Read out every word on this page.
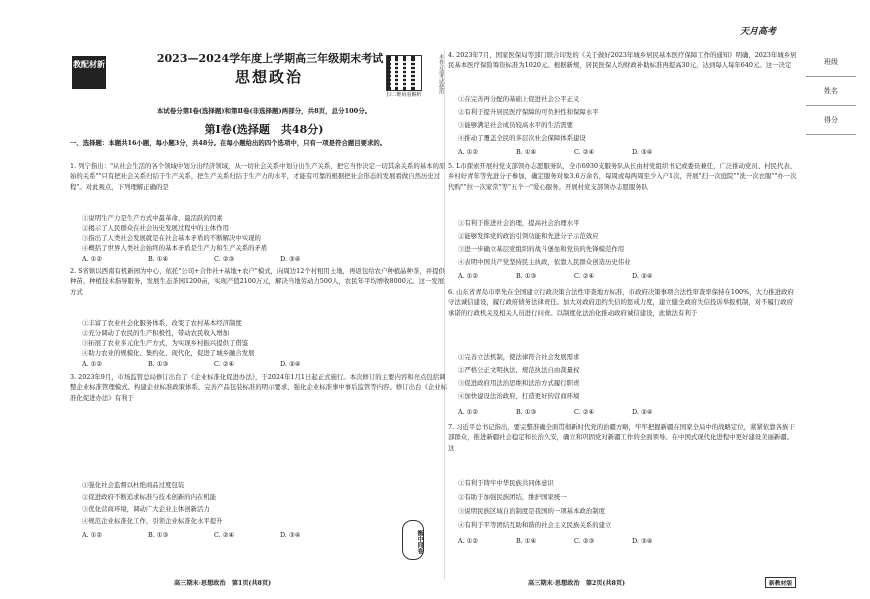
教配材新	2023—2024学年度上学期高三年级期末考试
思想政治
扫二维码看解析
本卷合适考试使用
本试卷分第Ⅰ卷(选择题)和第Ⅱ卷(非选择题)两部分，共8页，总分100分。
第Ⅰ卷(选择题　共48分)
一、选择题：本题共16小题，每小题3分，共48分。在每小题给出的四个选项中，只有一项是符合题目要求的。
1. 列宁指出："从社会生活的各个领域中划分出经济领域，从一切社会关系中划分出生产关系，把它当作决定一切其余关系的基本的原始的关系""只有把社会关系归结于生产关系，把生产关系归结于生产力的水平，才能有可靠的根据把社会形态的发展看做自然历史过程"。对此观点，下列理解正确的是
①说明生产力是生产方式中最革命、最活跃的因素
②揭示了人民群众在社会历史发展过程中的主体作用
③指出了人类社会发展就是在社会基本矛盾的不断解决中实现的
④概括了世界人类社会始终的基本矛盾是生产力和生产关系的矛盾
A. ①②	B. ①④	C. ②③	D. ③④
2. S省镇以西南有机新园为中心，依托"公司+合作社+基地+农户"模式，向周边12个村租用土地，再返包给农户种植晶种茶，并提供种苗、种植技术指导服务，发展生态茶园1200亩，实现产值2100万元，解决当地劳动力500人，农民年平均增收8000元。这一发展方式
①丰富了农业社会化服务体系，改变了农村基本经济制度
②充分调动了农民的生产积极性，带动农民收入增加
③拓展了农业多元化生产方式，为实现乡村振兴提供了借鉴
④助力农业的规模化、集约化、现代化，促进了城乡融合发展
A. ①②	B. ①③	C. ②④	D. ③④
3. 2023年9月，市场监管总局修订出台了《企业标准化促进办法》，于2024年1月1日起正式施行。本次修订的主要内容和亮点包括调整企业标准管理模式、构建企业标准政策体系、完善产品包装标准的明示要求、强化企业标准事中事后监管等内容。修订出台《企业标准化促进办法》有利于
①强化社会监督以杜绝商品过度包装
②促进政府不断追求标准与技术创新的内在机能
③优化营商环境，调动广大企业主体创新活力
④规范企业标准化工作，引领企业标准化水平提升
A. ①②	B. ①③	C. ②④	D. ③④
高三期末·思想政治　第1页(共8页)
衡中同卷
天月高考
4. 2023年7月，国家医保局等部门联合印发的《关于做好2023年城乡居民基本医疗保障工作的通知》明确，2023年城乡居民基本医疗保险筹资标准为1020元。根据新规，居民医保人均财政补助标准再提高30元，达到每人每年640元。这一决定
①在完善再分配的基础上促进社会公平正义
②有利于提升居民医疗保障的可负担性和保障水平
③能够满足社会成员较高水平的生活需要
④推动了覆盖全民的多层次社会保障体系建设
A. ①②	B. ①④	C. ②④	D. ③④
5. L市探索开展村党支部领办志愿服务队，全市6930支服务队从长由村党组织书记或委员兼任，广泛推动党员、村民代表、乡村好青年等先进分子参加，确定服务对象3.6万余名，每周或每两周至少入户1次，开展"扫一次庭院""洗一次衣服""办一次代购""拉一次家常"等"五个一"爱心服务。开展村党支部领办志愿服务队
①有利于推进社会治理，提高社会治理水平
②能够发挥党的政治引领功能和先进分子示范效应
③进一步确立基层党组织的战斗堡垒和党员的先锋模范作用
④表明中国共产党坚持民主执政，依靠人民群众创造历史伟业
A. ①②	B. ①③	C. ②④	D. ③④
6. 山东省青岛市率先在全国建立行政决策合法性审查地方标准，市政府决策事项合法性审查率保持在100%，大力推进政府守法诚信建设，履行政府债务法律责任。加大对政府违约失信的惩戒力度，建立健全政府失信投诉举报机制，对不履行政府承诺的行政机关及相关人员进行问责。以制度化法治化推动政府诚信建设，此做法有利于
①完善立法机制，使法律符合社会发展需求
②严格公正文明执法，规范执法自由裁量权
③促进政府用法治思维和法治方式履行职责
④加快建设法治政府，打造更好的营商环境
A. ①②	B. ①③	C. ②④	D. ③④
7. 习近平总书记指出，要完整准确全面贯彻新时代党的治疆方略，牢牢把握新疆在国家全局中的战略定位，紧紧依靠各族干部群众，推进新疆社会稳定和长治久安，确立和巩固党对新疆工作的全面领导。在中国式现代化进程中更好建设美丽新疆。这
①有利于铸牢中华民族共同体意识
②有助于加强民族团结，维护国家统一
③说明民族区域自治制度是我国的一项基本政治制度
④有利于平等团结互助和谐的社会主义民族关系的建立
A. ①②	B. ①④	C. ②③	D. ③④
高三期末·思想政治　第2页(共8页)	新教材版
班级
姓名
得分
